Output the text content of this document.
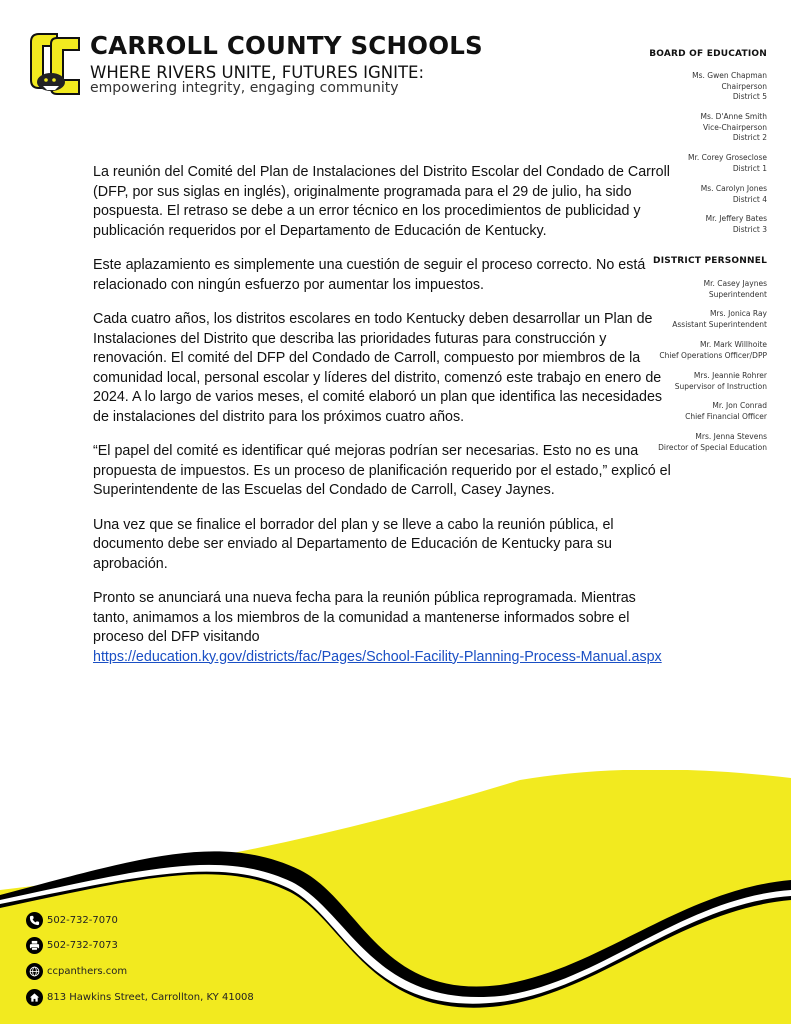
CARROLL COUNTY SCHOOLS
WHERE RIVERS UNITE, FUTURES IGNITE:
empowering integrity, engaging community
BOARD OF EDUCATION
Ms. Gwen Chapman
Chairperson
District 5
Ms. D'Anne Smith
Vice-Chairperson
District 2
Mr. Corey Groseclose
District 1
Ms. Carolyn Jones
District 4
Mr. Jeffery Bates
District 3
DISTRICT PERSONNEL
Mr. Casey Jaynes
Superintendent
Mrs. Jonica Ray
Assistant Superintendent
Mr. Mark Willhoite
Chief Operations Officer/DPP
Mrs. Jeannie Rohrer
Supervisor of Instruction
Mr. Jon Conrad
Chief Financial Officer
Mrs. Jenna Stevens
Director of Special Education

La reunión del Comité del Plan de Instalaciones del Distrito Escolar del Condado de Carroll (DFP, por sus siglas en inglés), originalmente programada para el 29 de julio, ha sido pospuesta. El retraso se debe a un error técnico en los procedimientos de publicidad y publicación requeridos por el Departamento de Educación de Kentucky.

Este aplazamiento es simplemente una cuestión de seguir el proceso correcto. No está relacionado con ningún esfuerzo por aumentar los impuestos.

Cada cuatro años, los distritos escolares en todo Kentucky deben desarrollar un Plan de Instalaciones del Distrito que describa las prioridades futuras para construcción y renovación. El comité del DFP del Condado de Carroll, compuesto por miembros de la comunidad local, personal escolar y líderes del distrito, comenzó este trabajo en enero de 2024. A lo largo de varios meses, el comité elaboró un plan que identifica las necesidades de instalaciones del distrito para los próximos cuatro años.

“El papel del comité es identificar qué mejoras podrían ser necesarias. Esto no es una propuesta de impuestos. Es un proceso de planificación requerido por el estado,” explicó el Superintendente de las Escuelas del Condado de Carroll, Casey Jaynes.

Una vez que se finalice el borrador del plan y se lleve a cabo la reunión pública, el documento debe ser enviado al Departamento de Educación de Kentucky para su aprobación.

Pronto se anunciará una nueva fecha para la reunión pública reprogramada. Mientras tanto, animamos a los miembros de la comunidad a mantenerse informados sobre el proceso del DFP visitando
https://education.ky.gov/districts/fac/Pages/School-Facility-Planning-Process-Manual.aspx

502-732-7070
502-732-7073
ccpanthers.com
813 Hawkins Street, Carrollton, KY 41008
